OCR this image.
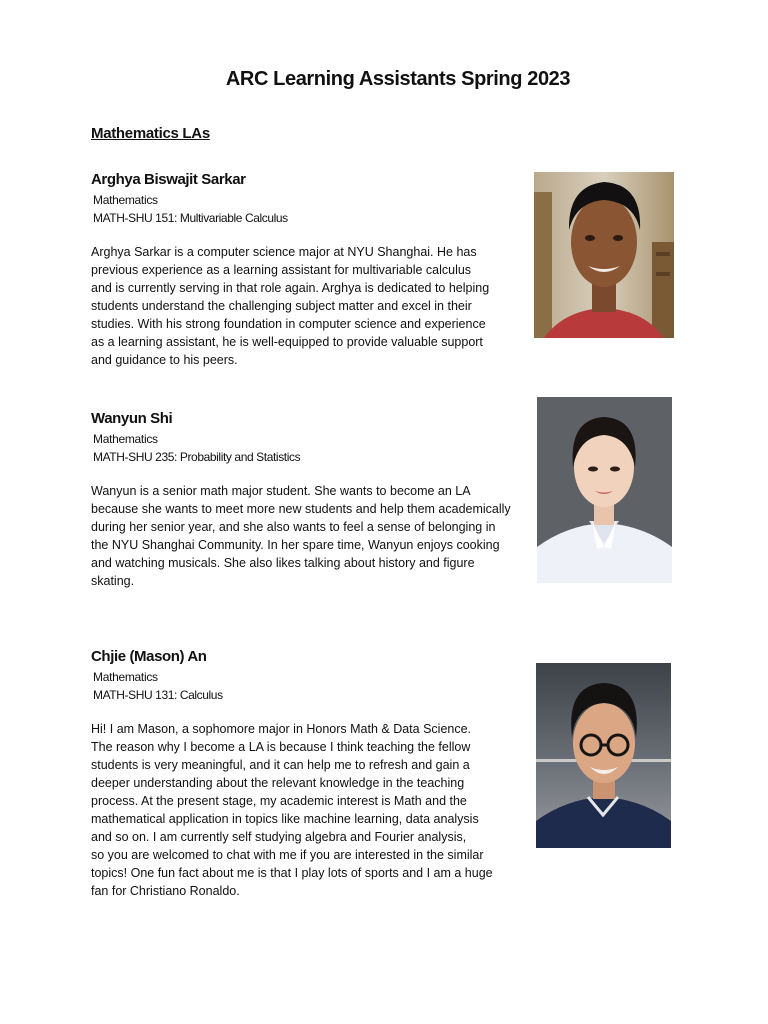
ARC Learning Assistants Spring 2023
Mathematics LAs
Arghya Biswajit Sarkar
Mathematics
MATH-SHU 151: Multivariable Calculus

Arghya Sarkar is a computer science major at NYU Shanghai. He has
previous experience as a learning assistant for multivariable calculus
and is currently serving in that role again. Arghya is dedicated to helping
students understand the challenging subject matter and excel in their
studies. With his strong foundation in computer science and experience
as a learning assistant, he is well-equipped to provide valuable support
and guidance to his peers.

Wanyun Shi
Mathematics
MATH-SHU 235: Probability and Statistics

Wanyun is a senior math major student. She wants to become an LA
because she wants to meet more new students and help them academically
during her senior year, and she also wants to feel a sense of belonging in
the NYU Shanghai Community. In her spare time, Wanyun enjoys cooking
and watching musicals. She also likes talking about history and figure
skating.

Chjie (Mason) An
Mathematics
MATH-SHU 131: Calculus

Hi! I am Mason, a sophomore major in Honors Math & Data Science.
The reason why I become a LA is because I think teaching the fellow
students is very meaningful, and it can help me to refresh and gain a
deeper understanding about the relevant knowledge in the teaching
process. At the present stage, my academic interest is Math and the
mathematical application in topics like machine learning, data analysis
and so on. I am currently self studying algebra and Fourier analysis,
so you are welcomed to chat with me if you are interested in the similar
topics! One fun fact about me is that I play lots of sports and I am a huge
fan for Christiano Ronaldo.
